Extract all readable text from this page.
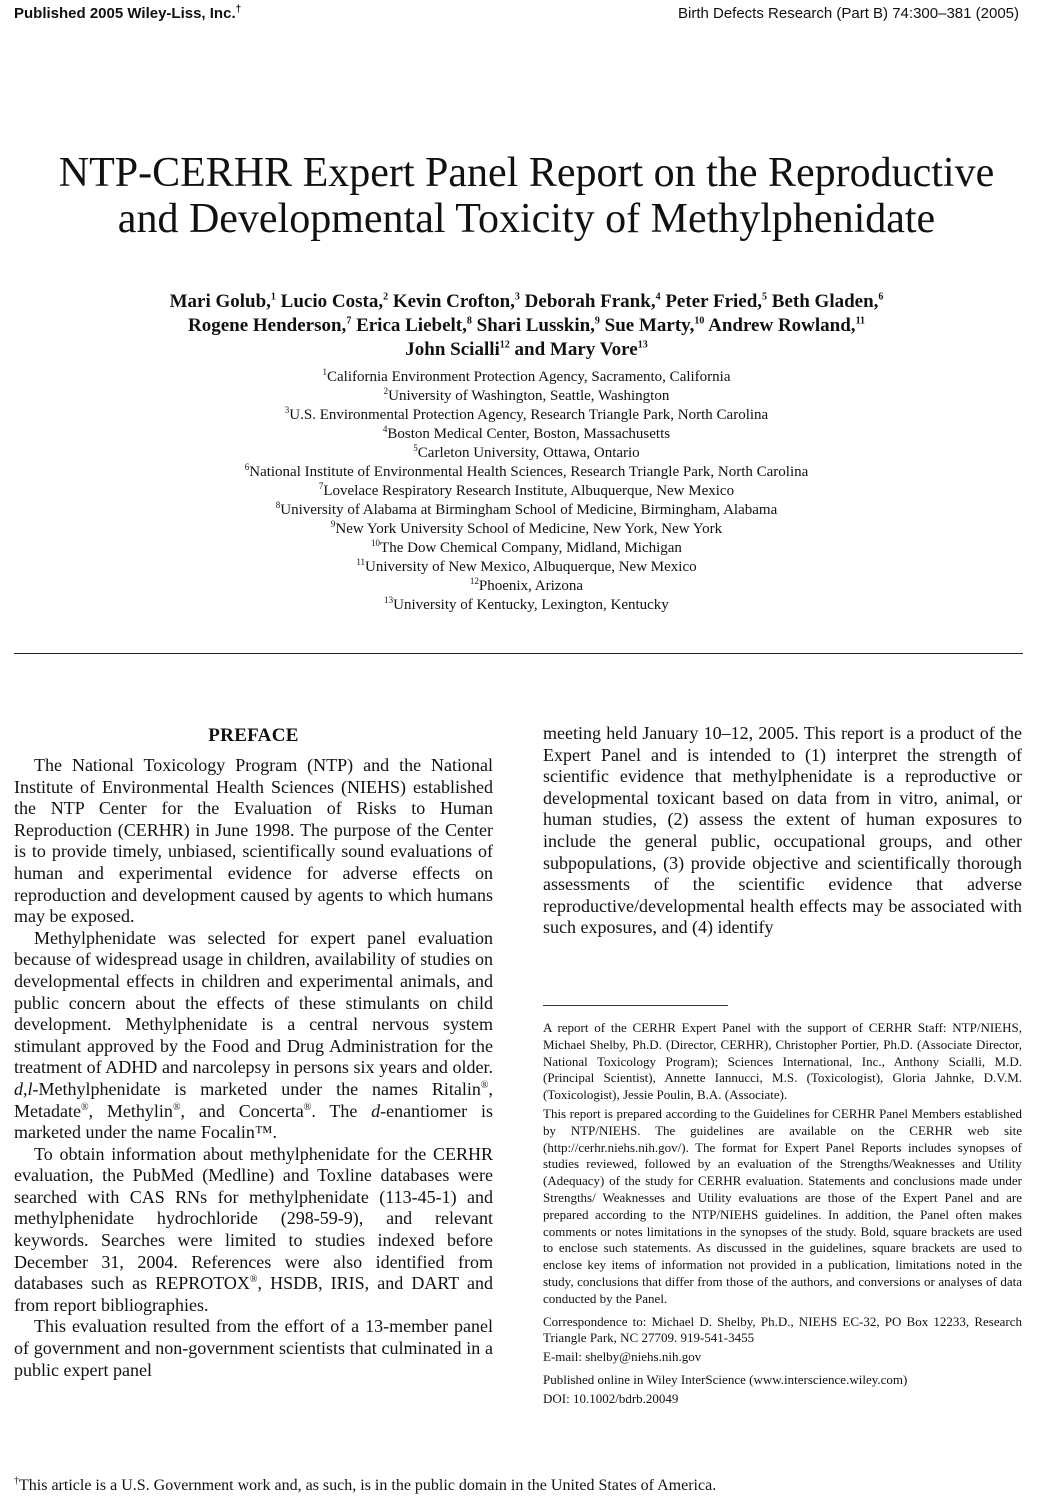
Published 2005 Wiley-Liss, Inc.†	Birth Defects Research (Part B) 74:300–381 (2005)
NTP-CERHR Expert Panel Report on the Reproductive
and Developmental Toxicity of Methylphenidate
Mari Golub,$^1$ Lucio Costa,$^2$ Kevin Crofton,$^3$ Deborah Frank,$^4$ Peter Fried,$^5$ Beth Gladen,$^6$
Rogene Henderson,$^7$ Erica Liebelt,$^8$ Shari Lusskin,$^9$ Sue Marty,$^{10}$ Andrew Rowland,$^{11}$
John Scialli$^{12}$ and Mary Vore$^{13}$
$^1$California Environment Protection Agency, Sacramento, California
$^2$University of Washington, Seattle, Washington
$^3$U.S. Environmental Protection Agency, Research Triangle Park, North Carolina
$^4$Boston Medical Center, Boston, Massachusetts
$^5$Carleton University, Ottawa, Ontario
$^6$National Institute of Environmental Health Sciences, Research Triangle Park, North Carolina
$^7$Lovelace Respiratory Research Institute, Albuquerque, New Mexico
$^8$University of Alabama at Birmingham School of Medicine, Birmingham, Alabama
$^9$New York University School of Medicine, New York, New York
$^{10}$The Dow Chemical Company, Midland, Michigan
$^{11}$University of New Mexico, Albuquerque, New Mexico
$^{12}$Phoenix, Arizona
$^{13}$University of Kentucky, Lexington, Kentucky
PREFACE

The National Toxicology Program (NTP) and the National Institute of Environmental Health Sciences (NIEHS) established the NTP Center for the Evaluation of Risks to Human Reproduction (CERHR) in June 1998. The purpose of the Center is to provide timely, unbiased, scientifically sound evaluations of human and experimental evidence for adverse effects on reproduction and development caused by agents to which humans may be exposed.

Methylphenidate was selected for expert panel evaluation because of widespread usage in children, availability of studies on developmental effects in children and experimental animals, and public concern about the effects of these stimulants on child development. Methylphenidate is a central nervous system stimulant approved by the Food and Drug Administration for the treatment of ADHD and narcolepsy in persons six years and older. d,l-Methylphenidate is marketed under the names Ritalin®, Metadate®, Methylin®, and Concerta®. The d-enantiomer is marketed under the name Focalin™.

To obtain information about methylphenidate for the CERHR evaluation, the PubMed (Medline) and Toxline databases were searched with CAS RNs for methylphenidate (113-45-1) and methylphenidate hydrochloride (298-59-9), and relevant keywords. Searches were limited to studies indexed before December 31, 2004. References were also identified from databases such as REPROTOX®, HSDB, IRIS, and DART and from report bibliographies.

This evaluation resulted from the effort of a 13-member panel of government and non-government scientists that culminated in a public expert panel

meeting held January 10–12, 2005. This report is a product of the Expert Panel and is intended to (1) interpret the strength of scientific evidence that methylphenidate is a reproductive or developmental toxicant based on data from in vitro, animal, or human studies, (2) assess the extent of human exposures to include the general public, occupational groups, and other subpopulations, (3) provide objective and scientifically thorough assessments of the scientific evidence that adverse reproductive/developmental health effects may be associated with such exposures, and (4) identify

A report of the CERHR Expert Panel with the support of CERHR Staff: NTP/NIEHS, Michael Shelby, Ph.D. (Director, CERHR), Christopher Portier, Ph.D. (Associate Director, National Toxicology Program); Sciences International, Inc., Anthony Scialli, M.D. (Principal Scientist), Annette Iannucci, M.S. (Toxicologist), Gloria Jahnke, D.V.M. (Toxicologist), Jessie Poulin, B.A. (Associate).

This report is prepared according to the Guidelines for CERHR Panel Members established by NTP/NIEHS. The guidelines are available on the CERHR web site (http://cerhr.niehs.nih.gov/). The format for Expert Panel Reports includes synopses of studies reviewed, followed by an evaluation of the Strengths/Weaknesses and Utility (Adequacy) of the study for CERHR evaluation. Statements and conclusions made under Strengths/ Weaknesses and Utility evaluations are those of the Expert Panel and are prepared according to the NTP/NIEHS guidelines. In addition, the Panel often makes comments or notes limitations in the synopses of the study. Bold, square brackets are used to enclose such statements. As discussed in the guidelines, square brackets are used to enclose key items of information not provided in a publication, limitations noted in the study, conclusions that differ from those of the authors, and conversions or analyses of data conducted by the Panel.

Correspondence to: Michael D. Shelby, Ph.D., NIEHS EC-32, PO Box 12233, Research Triangle Park, NC 27709. 919-541-3455

E-mail: shelby@niehs.nih.gov

Published online in Wiley InterScience (www.interscience.wiley.com)

DOI: 10.1002/bdrb.20049

†This article is a U.S. Government work and, as such, is in the public domain in the United States of America.
